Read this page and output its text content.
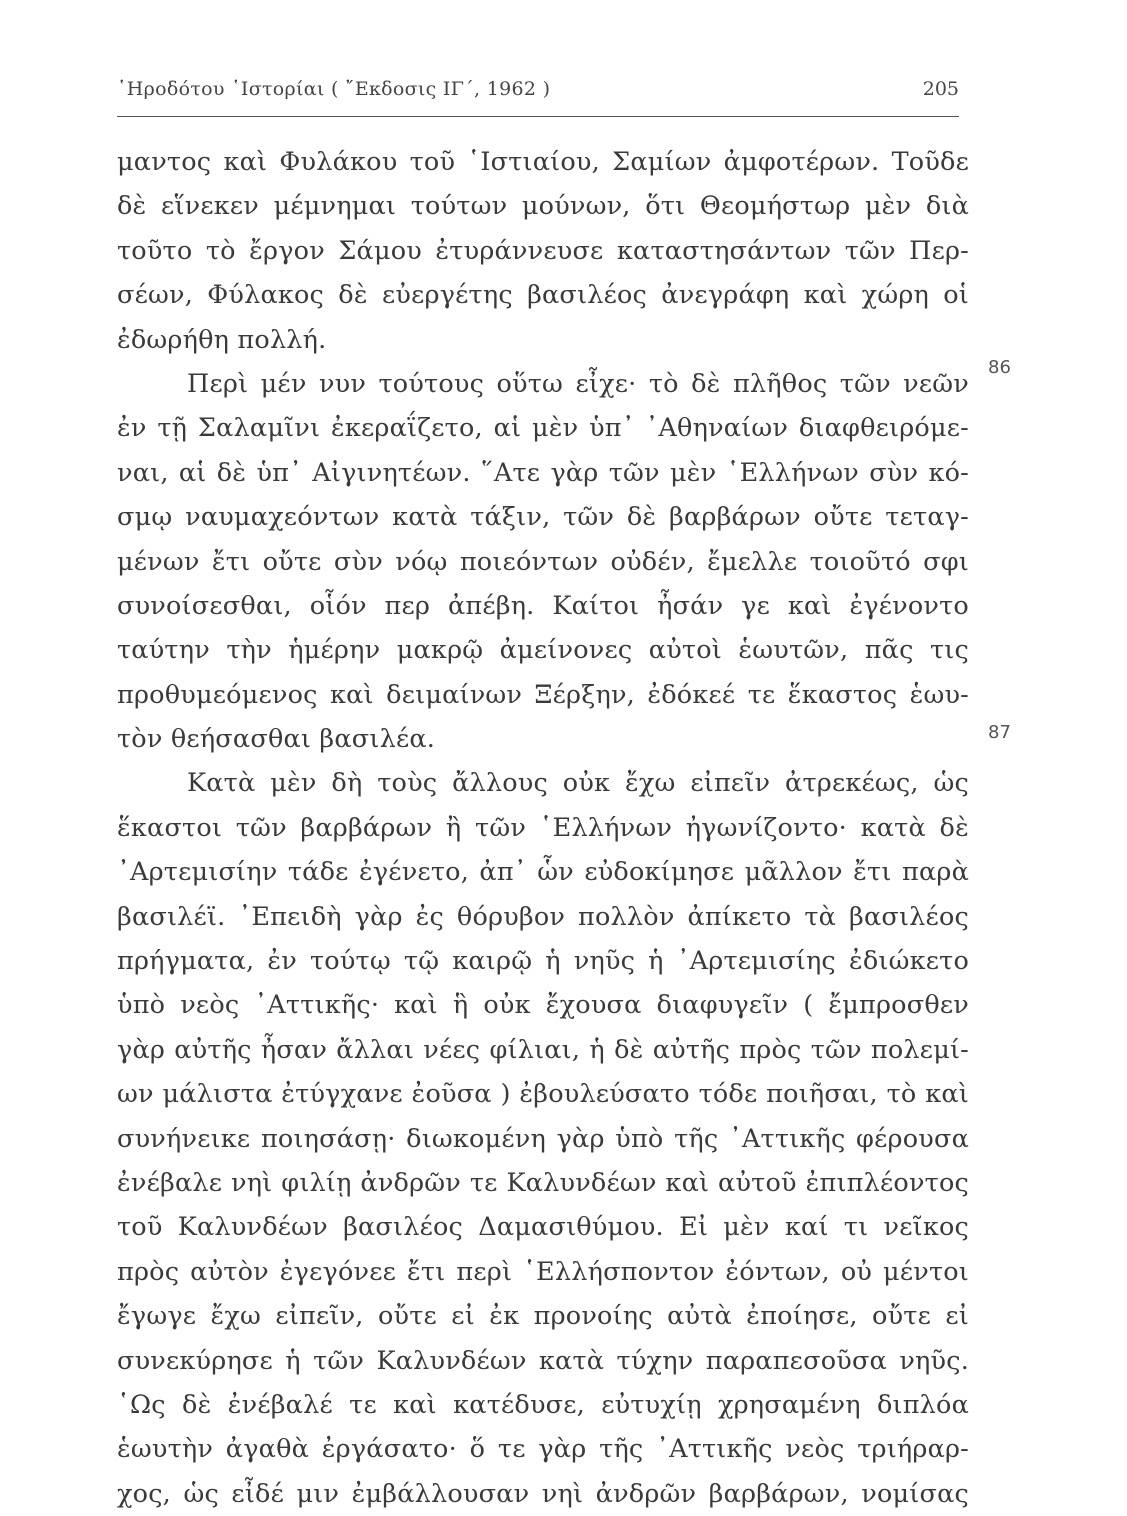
῾Ηροδότου ῾Ιστορίαι ( ῎Εκδοσις ΙΓ΄, 1962 )	205
μαντος καὶ Φυλάκου τοῦ ῾Ιστιαίου, Σαμίων ἀμφοτέρων. Τοῦδε
δὲ εἵνεκεν μέμνημαι τούτων μούνων, ὅτι Θεομήστωρ μὲν διὰ
τοῦτο τὸ ἔργον Σάμου ἐτυράννευσε καταστησάντων τῶν Περ-
σέων, Φύλακος δὲ εὐεργέτης βασιλέος ἀνεγράφη καὶ χώρη οἱ
ἐδωρήθη πολλή.
Περὶ μέν νυν τούτους οὕτω εἶχε· τὸ δὲ πλῆθος τῶν νεῶν
ἐν τῇ Σαλαμῖνι ἐκεραΐζετο, αἱ μὲν ὑπ᾿ ᾿Αθηναίων διαφθειρόμε-
ναι, αἱ δὲ ὑπ᾿ Αἰγινητέων. ῞Ατε γὰρ τῶν μὲν ῾Ελλήνων σὺν κό-
σμῳ ναυμαχεόντων κατὰ τάξιν, τῶν δὲ βαρβάρων οὔτε τεταγ-
μένων ἔτι οὔτε σὺν νόῳ ποιεόντων οὐδέν, ἔμελλε τοιοῦτό σφι
συνοίσεσθαι, οἷόν περ ἀπέβη. Καίτοι ἦσάν γε καὶ ἐγένοντο
ταύτην τὴν ἡμέρην μακρῷ ἀμείνονες αὐτοὶ ἑωυτῶν, πᾶς τις
προθυμεόμενος καὶ δειμαίνων Ξέρξην, ἐδόκεέ τε ἕκαστος ἑωυ-
τὸν θεήσασθαι βασιλέα.
Κατὰ μὲν δὴ τοὺς ἄλλους οὐκ ἔχω εἰπεῖν ἀτρεκέως, ὡς
ἕκαστοι τῶν βαρβάρων ἢ τῶν ῾Ελλήνων ἠγωνίζοντο· κατὰ δὲ
᾿Αρτεμισίην τάδε ἐγένετο, ἀπ᾿ ὧν εὐδοκίμησε μᾶλλον ἔτι παρὰ
βασιλέϊ. ᾿Επειδὴ γὰρ ἐς θόρυβον πολλὸν ἀπίκετο τὰ βασιλέος
πρήγματα, ἐν τούτῳ τῷ καιρῷ ἡ νηῦς ἡ ᾿Αρτεμισίης ἐδιώκετο
ὑπὸ νεὸς ᾿Αττικῆς· καὶ ἣ οὐκ ἔχουσα διαφυγεῖν ( ἔμπροσθεν
γὰρ αὐτῆς ἦσαν ἄλλαι νέες φίλιαι, ἡ δὲ αὐτῆς πρὸς τῶν πολεμί-
ων μάλιστα ἐτύγχανε ἐοῦσα ) ἐβουλεύσατο τόδε ποιῆσαι, τὸ καὶ
συνήνεικε ποιησάσῃ· διωκομένη γὰρ ὑπὸ τῆς ᾿Αττικῆς φέρουσα
ἐνέβαλε νηὶ φιλίῃ ἀνδρῶν τε Καλυνδέων καὶ αὐτοῦ ἐπιπλέοντος
τοῦ Καλυνδέων βασιλέος Δαμασιθύμου. Εἰ μὲν καί τι νεῖκος
πρὸς αὐτὸν ἐγεγόνεε ἔτι περὶ ῾Ελλήσποντον ἐόντων, οὐ μέντοι
ἔγωγε ἔχω εἰπεῖν, οὔτε εἰ ἐκ προνοίης αὐτὰ ἐποίησε, οὔτε εἰ
συνεκύρησε ἡ τῶν Καλυνδέων κατὰ τύχην παραπεσοῦσα νηῦς.
῾Ως δὲ ἐνέβαλέ τε καὶ κατέδυσε, εὐτυχίῃ χρησαμένη διπλόα
ἑωυτὴν ἀγαθὰ ἐργάσατο· ὅ τε γὰρ τῆς ᾿Αττικῆς νεὸς τριήραρ-
χος, ὡς εἶδέ μιν ἐμβάλλουσαν νηὶ ἀνδρῶν βαρβάρων, νομίσας
86
87
